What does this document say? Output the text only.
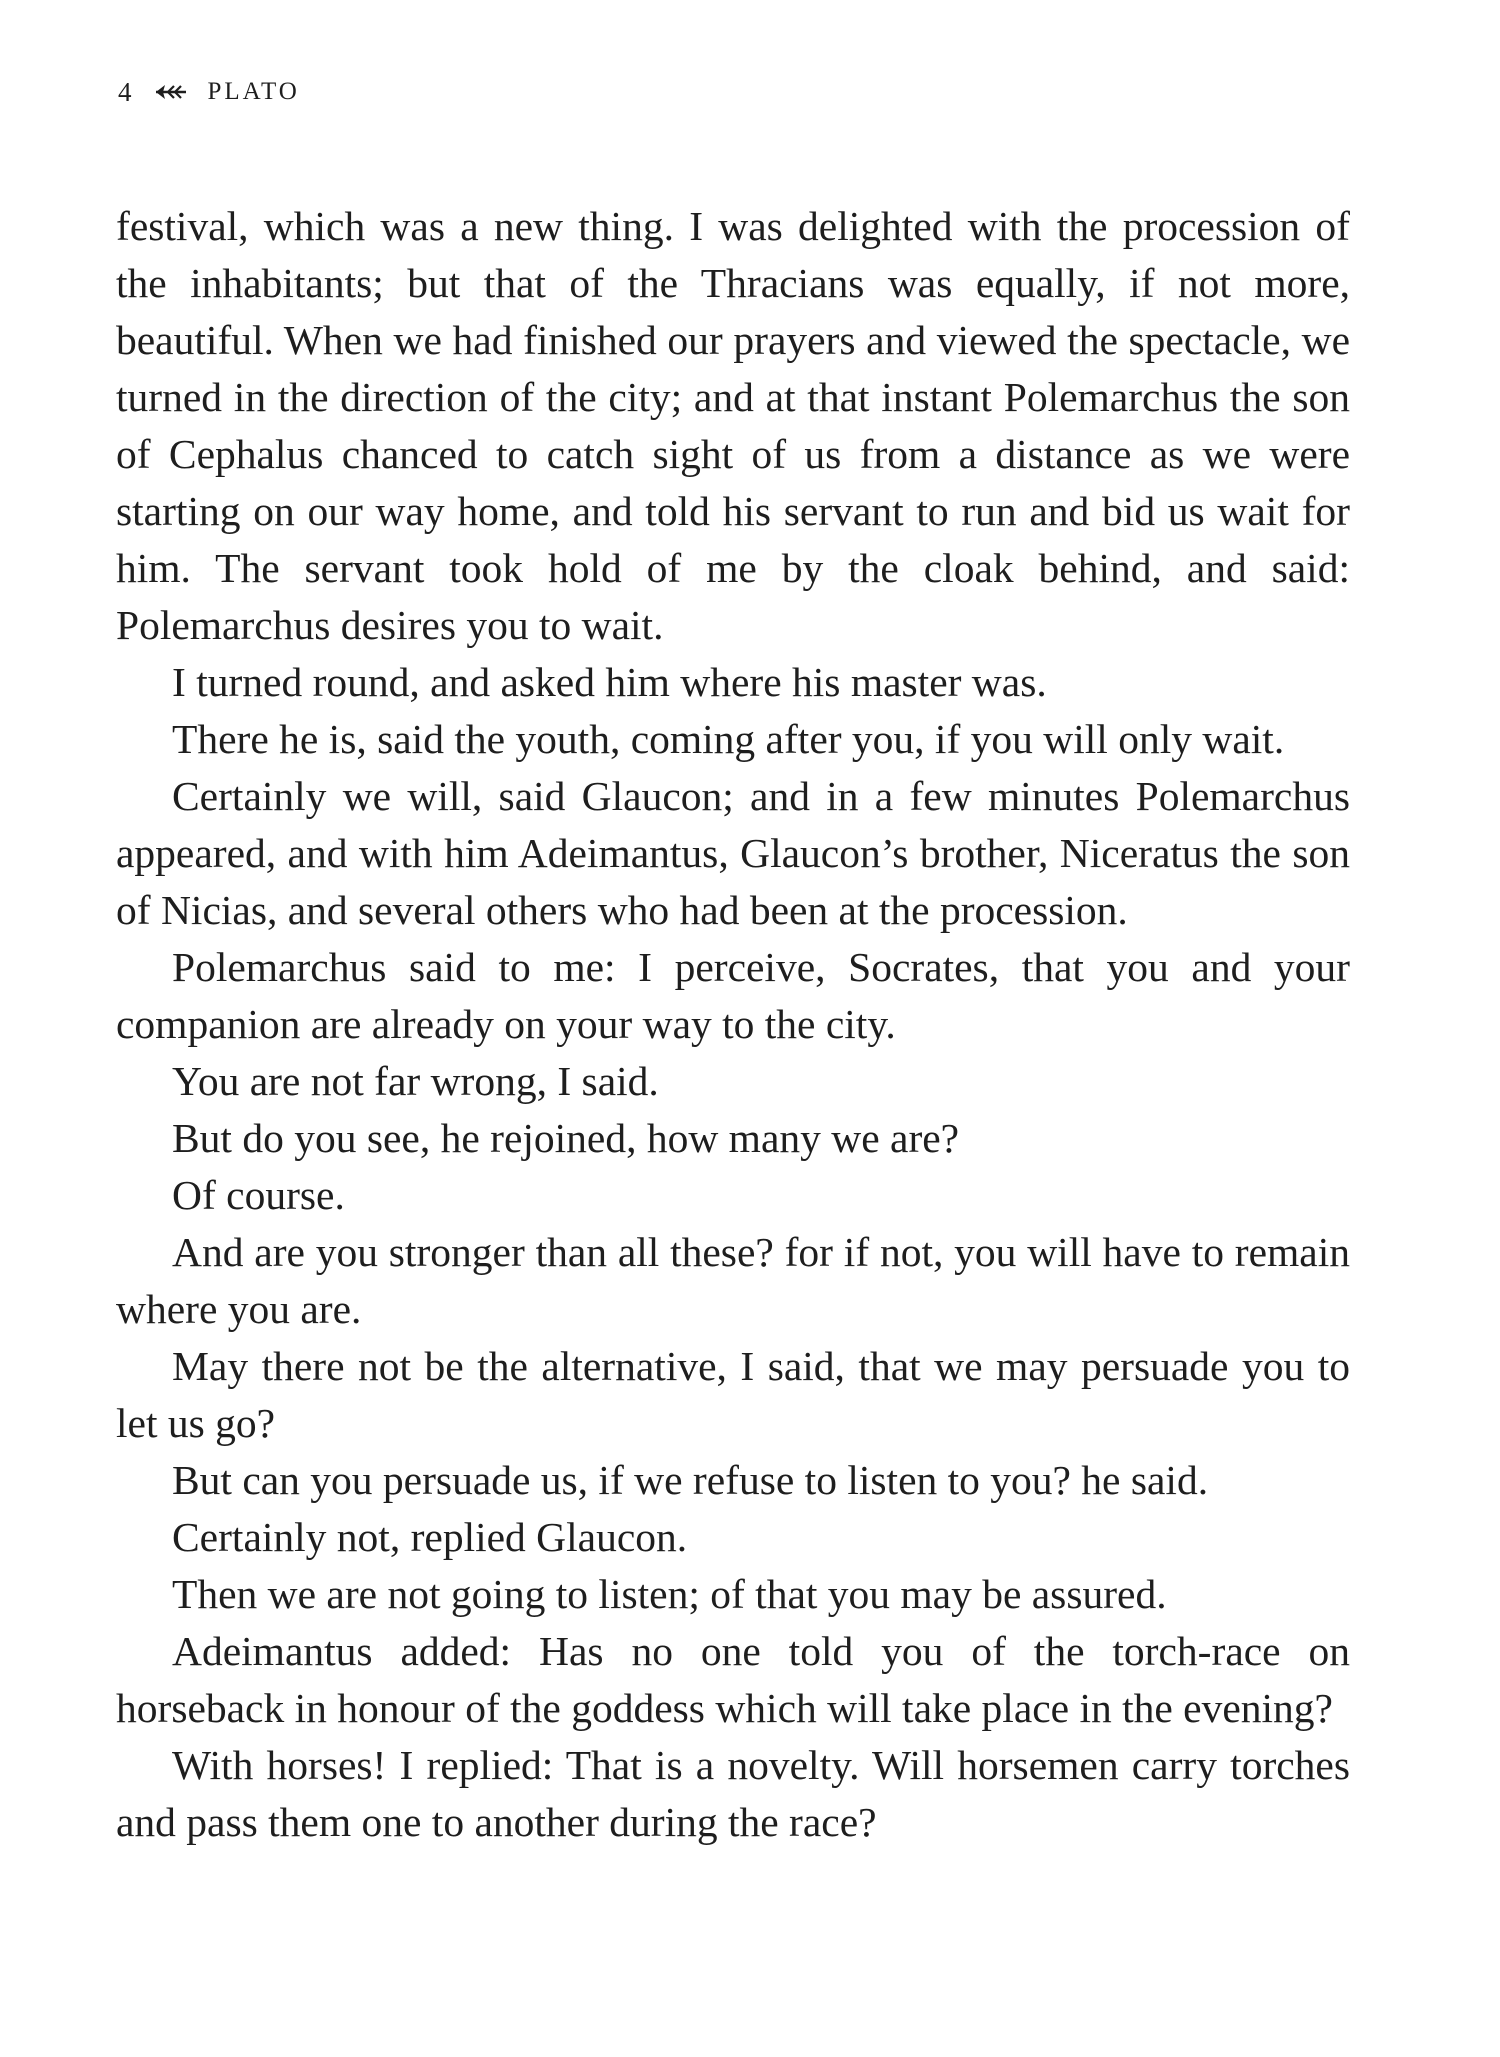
4	PLATO

festival, which was a new thing. I was delighted with the procession of the inhabitants; but that of the Thracians was equally, if not more, beautiful. When we had finished our prayers and viewed the spectacle, we turned in the direction of the city; and at that instant Polemarchus the son of Cephalus chanced to catch sight of us from a distance as we were starting on our way home, and told his servant to run and bid us wait for him. The servant took hold of me by the cloak behind, and said: Polemarchus desires you to wait.

I turned round, and asked him where his master was.

There he is, said the youth, coming after you, if you will only wait.

Certainly we will, said Glaucon; and in a few minutes Polemarchus appeared, and with him Adeimantus, Glaucon’s brother, Niceratus the son of Nicias, and several others who had been at the procession.

Polemarchus said to me: I perceive, Socrates, that you and your companion are already on your way to the city.

You are not far wrong, I said.

But do you see, he rejoined, how many we are?

Of course.

And are you stronger than all these? for if not, you will have to remain where you are.

May there not be the alternative, I said, that we may persuade you to let us go?

But can you persuade us, if we refuse to listen to you? he said.

Certainly not, replied Glaucon.

Then we are not going to listen; of that you may be assured.

Adeimantus added: Has no one told you of the torch-race on horseback in honour of the goddess which will take place in the evening?

With horses! I replied: That is a novelty. Will horsemen carry torches and pass them one to another during the race?
